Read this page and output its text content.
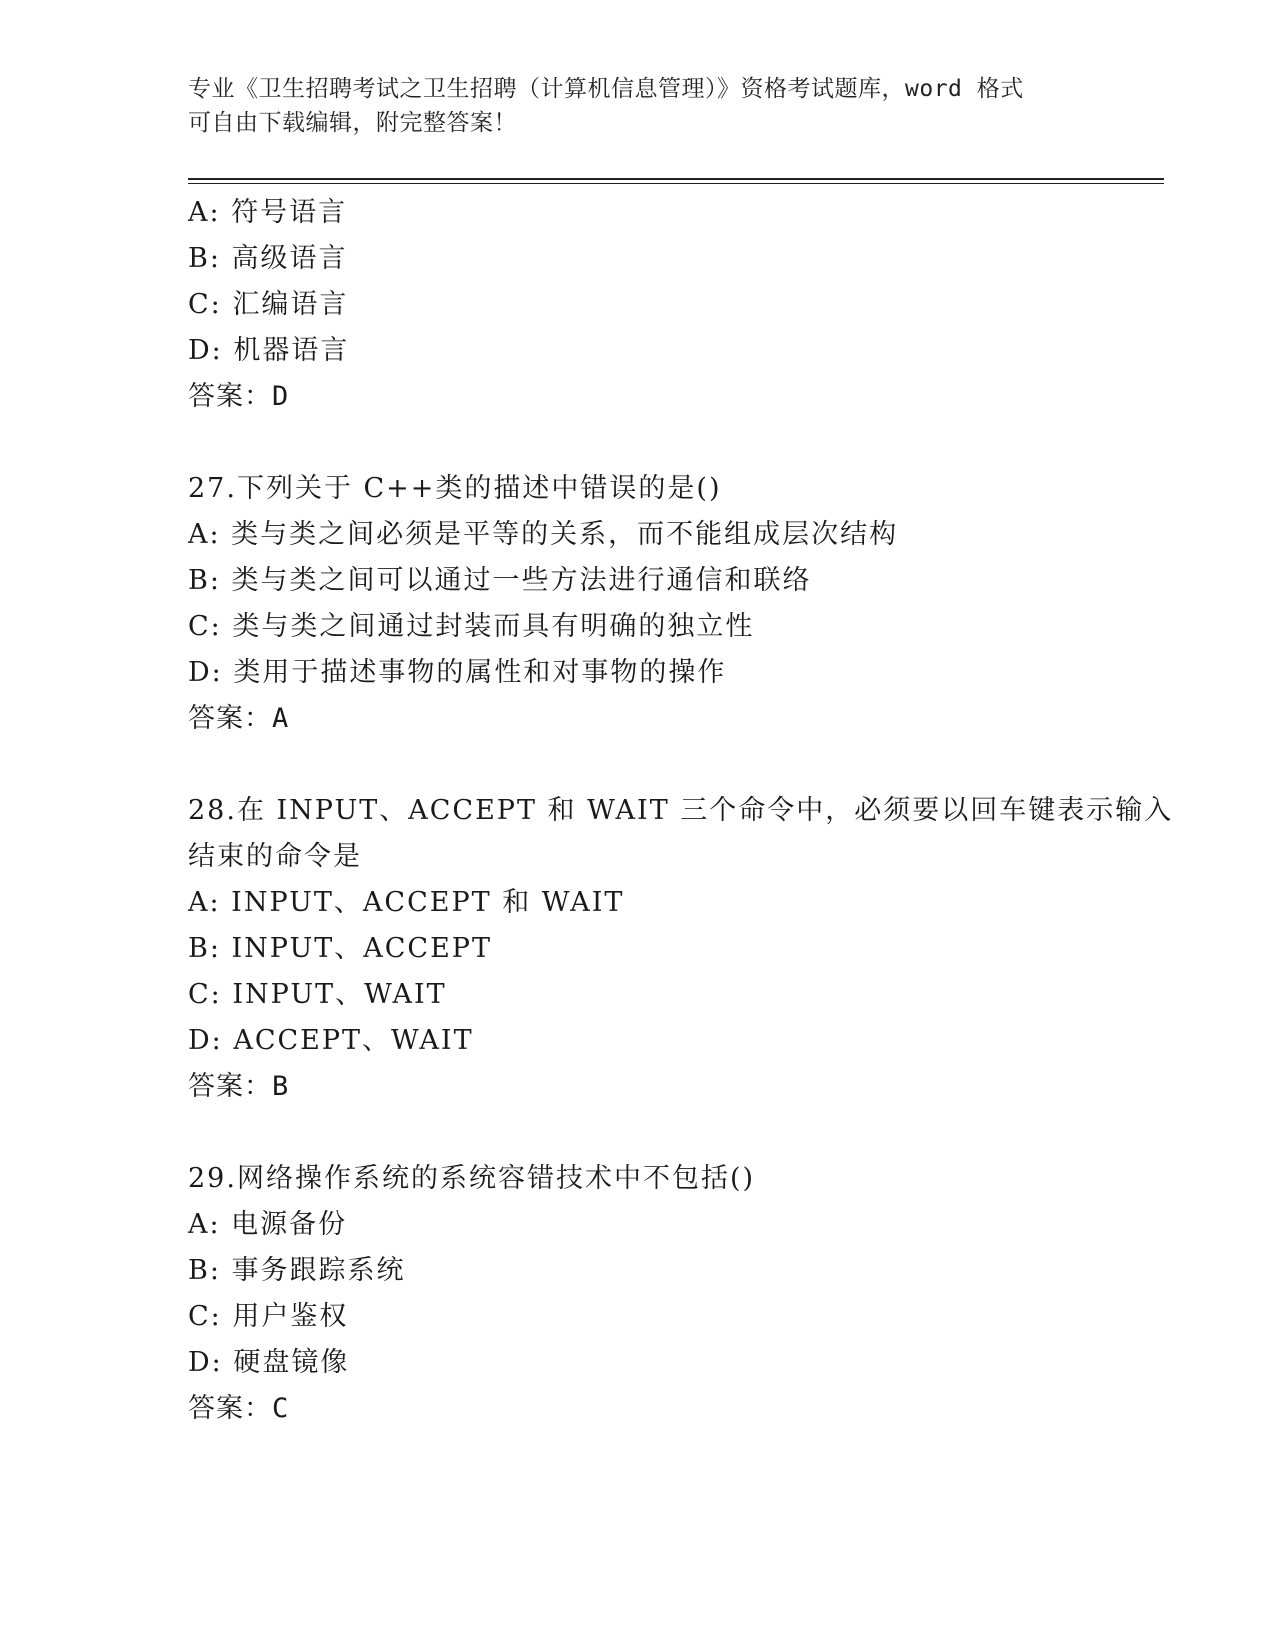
专业《卫生招聘考试之卫生招聘（计算机信息管理）》资格考试题库，word 格式
可自由下载编辑，附完整答案！
A: 符号语言
B: 高级语言
C: 汇编语言
D: 机器语言
答案：D
27.下列关于 C++类的描述中错误的是()
A: 类与类之间必须是平等的关系，而不能组成层次结构
B: 类与类之间可以通过一些方法进行通信和联络
C: 类与类之间通过封装而具有明确的独立性
D: 类用于描述事物的属性和对事物的操作
答案：A
28.在 INPUT、ACCEPT 和 WAIT 三个命令中，必须要以回车键表示输入
结束的命令是
A: INPUT、ACCEPT 和 WAIT
B: INPUT、ACCEPT
C: INPUT、WAIT
D: ACCEPT、WAIT
答案：B
29.网络操作系统的系统容错技术中不包括()
A: 电源备份
B: 事务跟踪系统
C: 用户鉴权
D: 硬盘镜像
答案：C
